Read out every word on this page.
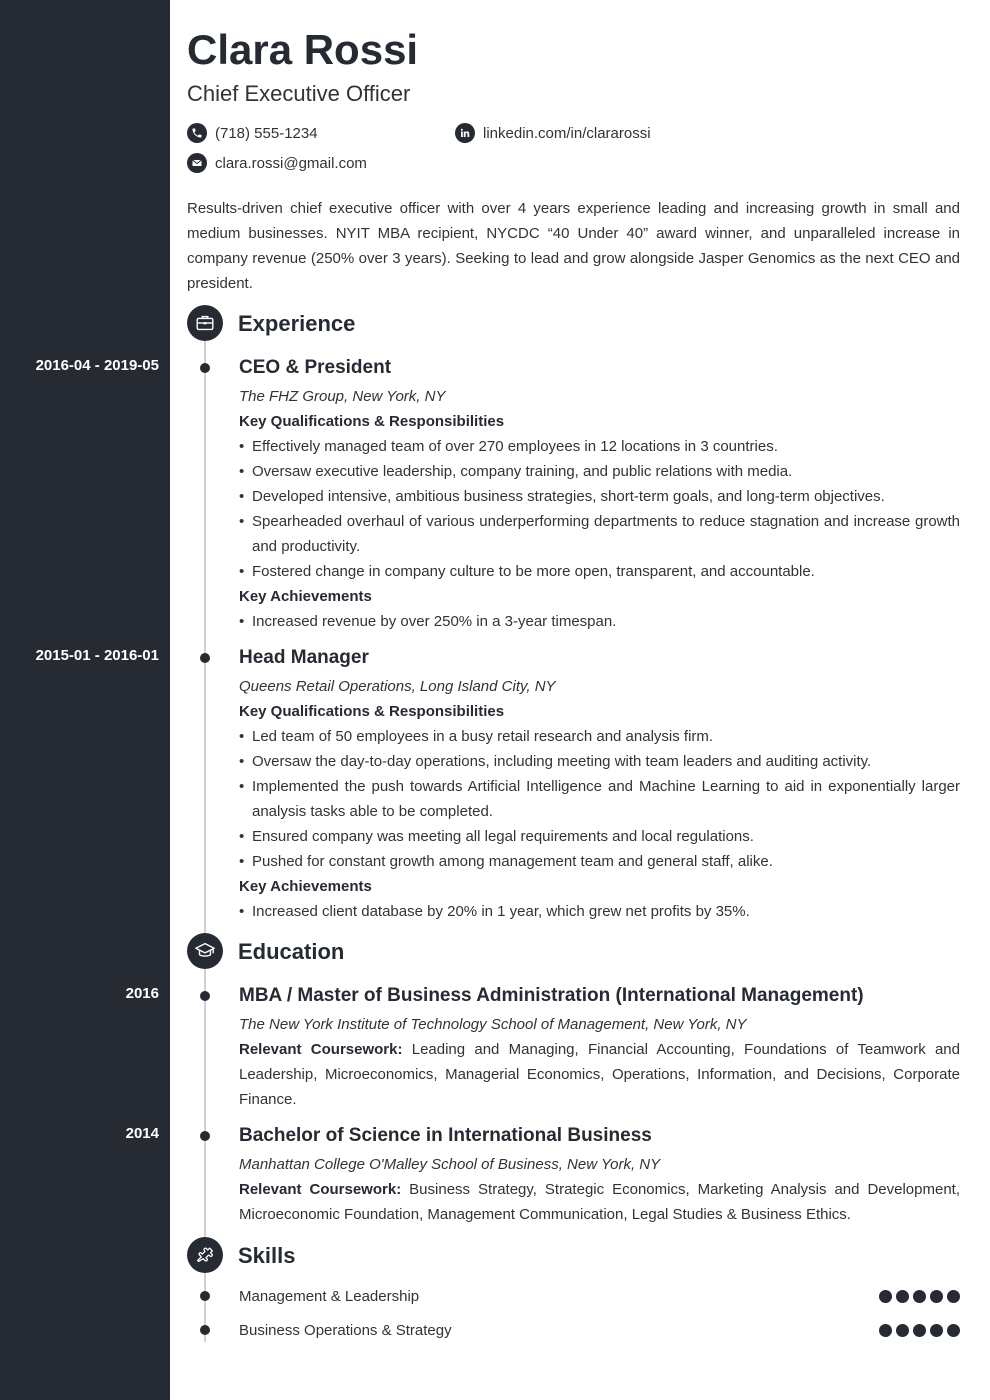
Clara Rossi
Chief Executive Officer
(718) 555-1234	linkedin.com/in/clararossi
clara.rossi@gmail.com
Results-driven chief executive officer with over 4 years experience leading and increasing growth in small and medium businesses. NYIT MBA recipient, NYCDC “40 Under 40” award winner, and unparalleled increase in company revenue (250% over 3 years). Seeking to lead and grow alongside Jasper Genomics as the next CEO and president.
Experience
2016-04 - 2019-05	CEO & President
The FHZ Group, New York, NY
Key Qualifications & Responsibilities
• Effectively managed team of over 270 employees in 12 locations in 3 countries.
• Oversaw executive leadership, company training, and public relations with media.
• Developed intensive, ambitious business strategies, short-term goals, and long-term objectives.
• Spearheaded overhaul of various underperforming departments to reduce stagnation and increase growth and productivity.
• Fostered change in company culture to be more open, transparent, and accountable.
Key Achievements
• Increased revenue by over 250% in a 3-year timespan.
2015-01 - 2016-01	Head Manager
Queens Retail Operations, Long Island City, NY
Key Qualifications & Responsibilities
• Led team of 50 employees in a busy retail research and analysis firm.
• Oversaw the day-to-day operations, including meeting with team leaders and auditing activity.
• Implemented the push towards Artificial Intelligence and Machine Learning to aid in exponentially larger analysis tasks able to be completed.
• Ensured company was meeting all legal requirements and local regulations.
• Pushed for constant growth among management team and general staff, alike.
Key Achievements
• Increased client database by 20% in 1 year, which grew net profits by 35%.
Education
2016	MBA / Master of Business Administration (International Management)
The New York Institute of Technology School of Management, New York, NY
Relevant Coursework: Leading and Managing, Financial Accounting, Foundations of Teamwork and Leadership, Microeconomics, Managerial Economics, Operations, Information, and Decisions, Corporate Finance.
2014	Bachelor of Science in International Business
Manhattan College O'Malley School of Business, New York, NY
Relevant Coursework: Business Strategy, Strategic Economics, Marketing Analysis and Development, Microeconomic Foundation, Management Communication, Legal Studies & Business Ethics.
Skills
Management & Leadership
Business Operations & Strategy
